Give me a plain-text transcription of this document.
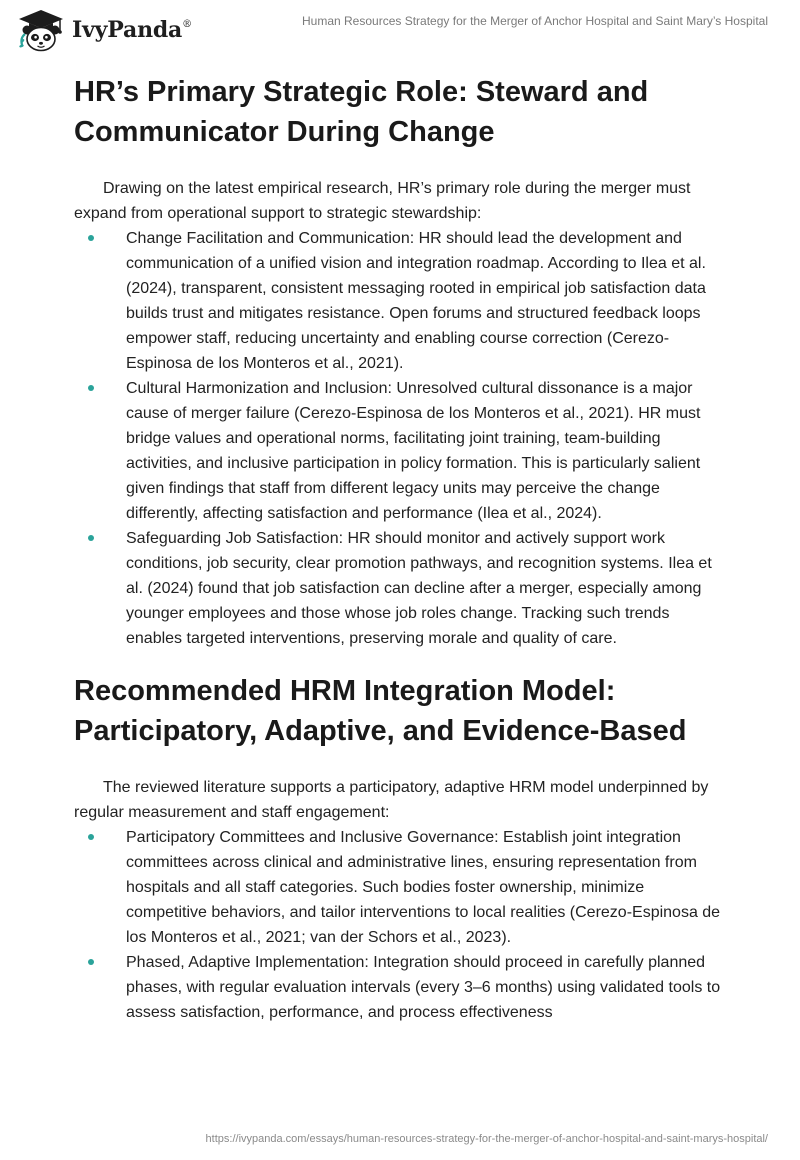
IvyPanda®	Human Resources Strategy for the Merger of Anchor Hospital and Saint Mary’s Hospital
HR’s Primary Strategic Role: Steward and Communicator During Change

Drawing on the latest empirical research, HR’s primary role during the merger must expand from operational support to strategic stewardship:

Change Facilitation and Communication: HR should lead the development and communication of a unified vision and integration roadmap. According to Ilea et al. (2024), transparent, consistent messaging rooted in empirical job satisfaction data builds trust and mitigates resistance. Open forums and structured feedback loops empower staff, reducing uncertainty and enabling course correction (Cerezo-Espinosa de los Monteros et al., 2021).
Cultural Harmonization and Inclusion: Unresolved cultural dissonance is a major cause of merger failure (Cerezo-Espinosa de los Monteros et al., 2021). HR must bridge values and operational norms, facilitating joint training, team-building activities, and inclusive participation in policy formation. This is particularly salient given findings that staff from different legacy units may perceive the change differently, affecting satisfaction and performance (Ilea et al., 2024).
Safeguarding Job Satisfaction: HR should monitor and actively support work conditions, job security, clear promotion pathways, and recognition systems. Ilea et al. (2024) found that job satisfaction can decline after a merger, especially among younger employees and those whose job roles change. Tracking such trends enables targeted interventions, preserving morale and quality of care.
Recommended HRM Integration Model: Participatory, Adaptive, and Evidence-Based

The reviewed literature supports a participatory, adaptive HRM model underpinned by regular measurement and staff engagement:

Participatory Committees and Inclusive Governance: Establish joint integration committees across clinical and administrative lines, ensuring representation from hospitals and all staff categories. Such bodies foster ownership, minimize competitive behaviors, and tailor interventions to local realities (Cerezo-Espinosa de los Monteros et al., 2021; van der Schors et al., 2023).
Phased, Adaptive Implementation: Integration should proceed in carefully planned phases, with regular evaluation intervals (every 3–6 months) using validated tools to assess satisfaction, performance, and process effectiveness
https://ivypanda.com/essays/human-resources-strategy-for-the-merger-of-anchor-hospital-and-saint-marys-hospital/
